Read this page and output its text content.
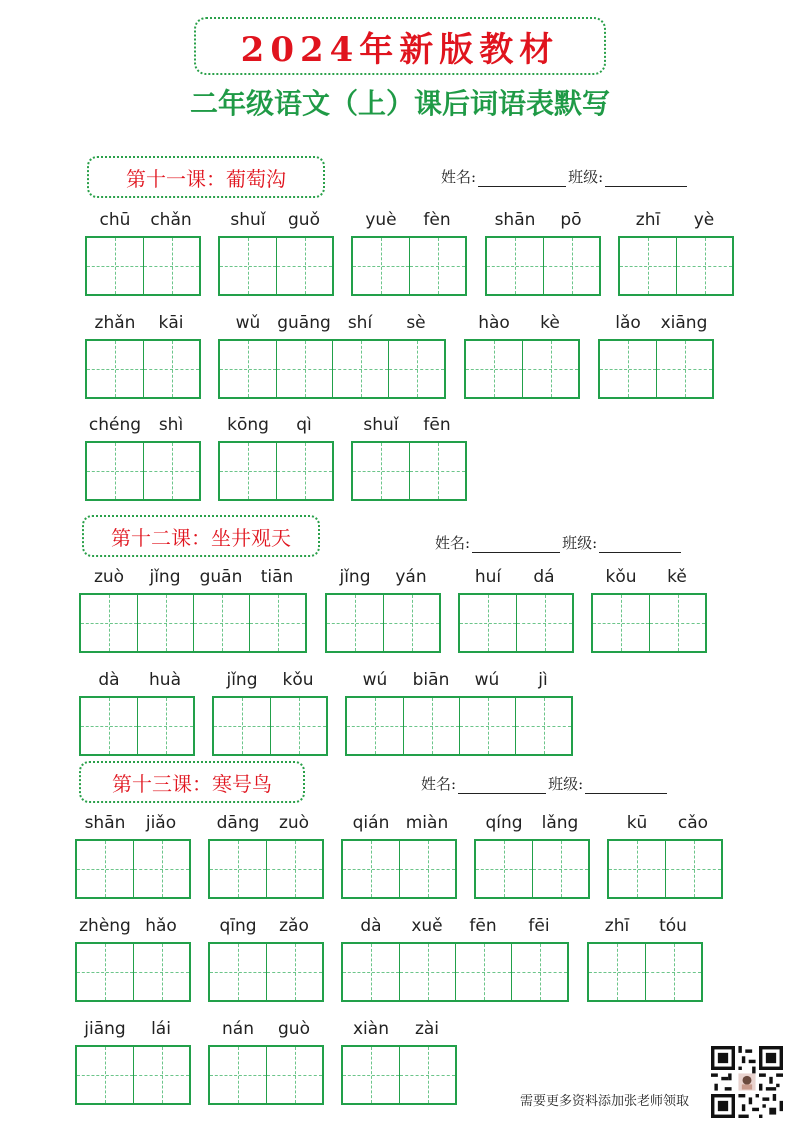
2024年新版教材
二年级语文（上）课后词语表默写
第十一课：葡萄沟
第十二课：坐井观天
第十三课：寒号鸟
姓名:	班级:
姓名:	班级:
姓名:	班级:
chū	chǎn	shuǐ	guǒ	yuè	fèn	shān	pō	zhī	yè
zhǎn	kāi	wǔ guāng	shí	sè	hào	kè	lǎo	xiāng
chéng	shì	kōng	qì	shuǐ	fēn
zuò	jǐng	guān	tiān	jǐng	yán	huí	dá	kǒu	kě
dà	huà	jǐng	kǒu	wú	biān	wú	jì
shān	jiǎo	dāng	zuò	qián miàn	qíng	lǎng	kū	cǎo
zhèng hǎo	qīng	zǎo	dà	xuě	fēn	fēi	zhī	tóu
jiāng	lái	nán	guò	xiàn	zài
需要更多资料添加张老师领取
